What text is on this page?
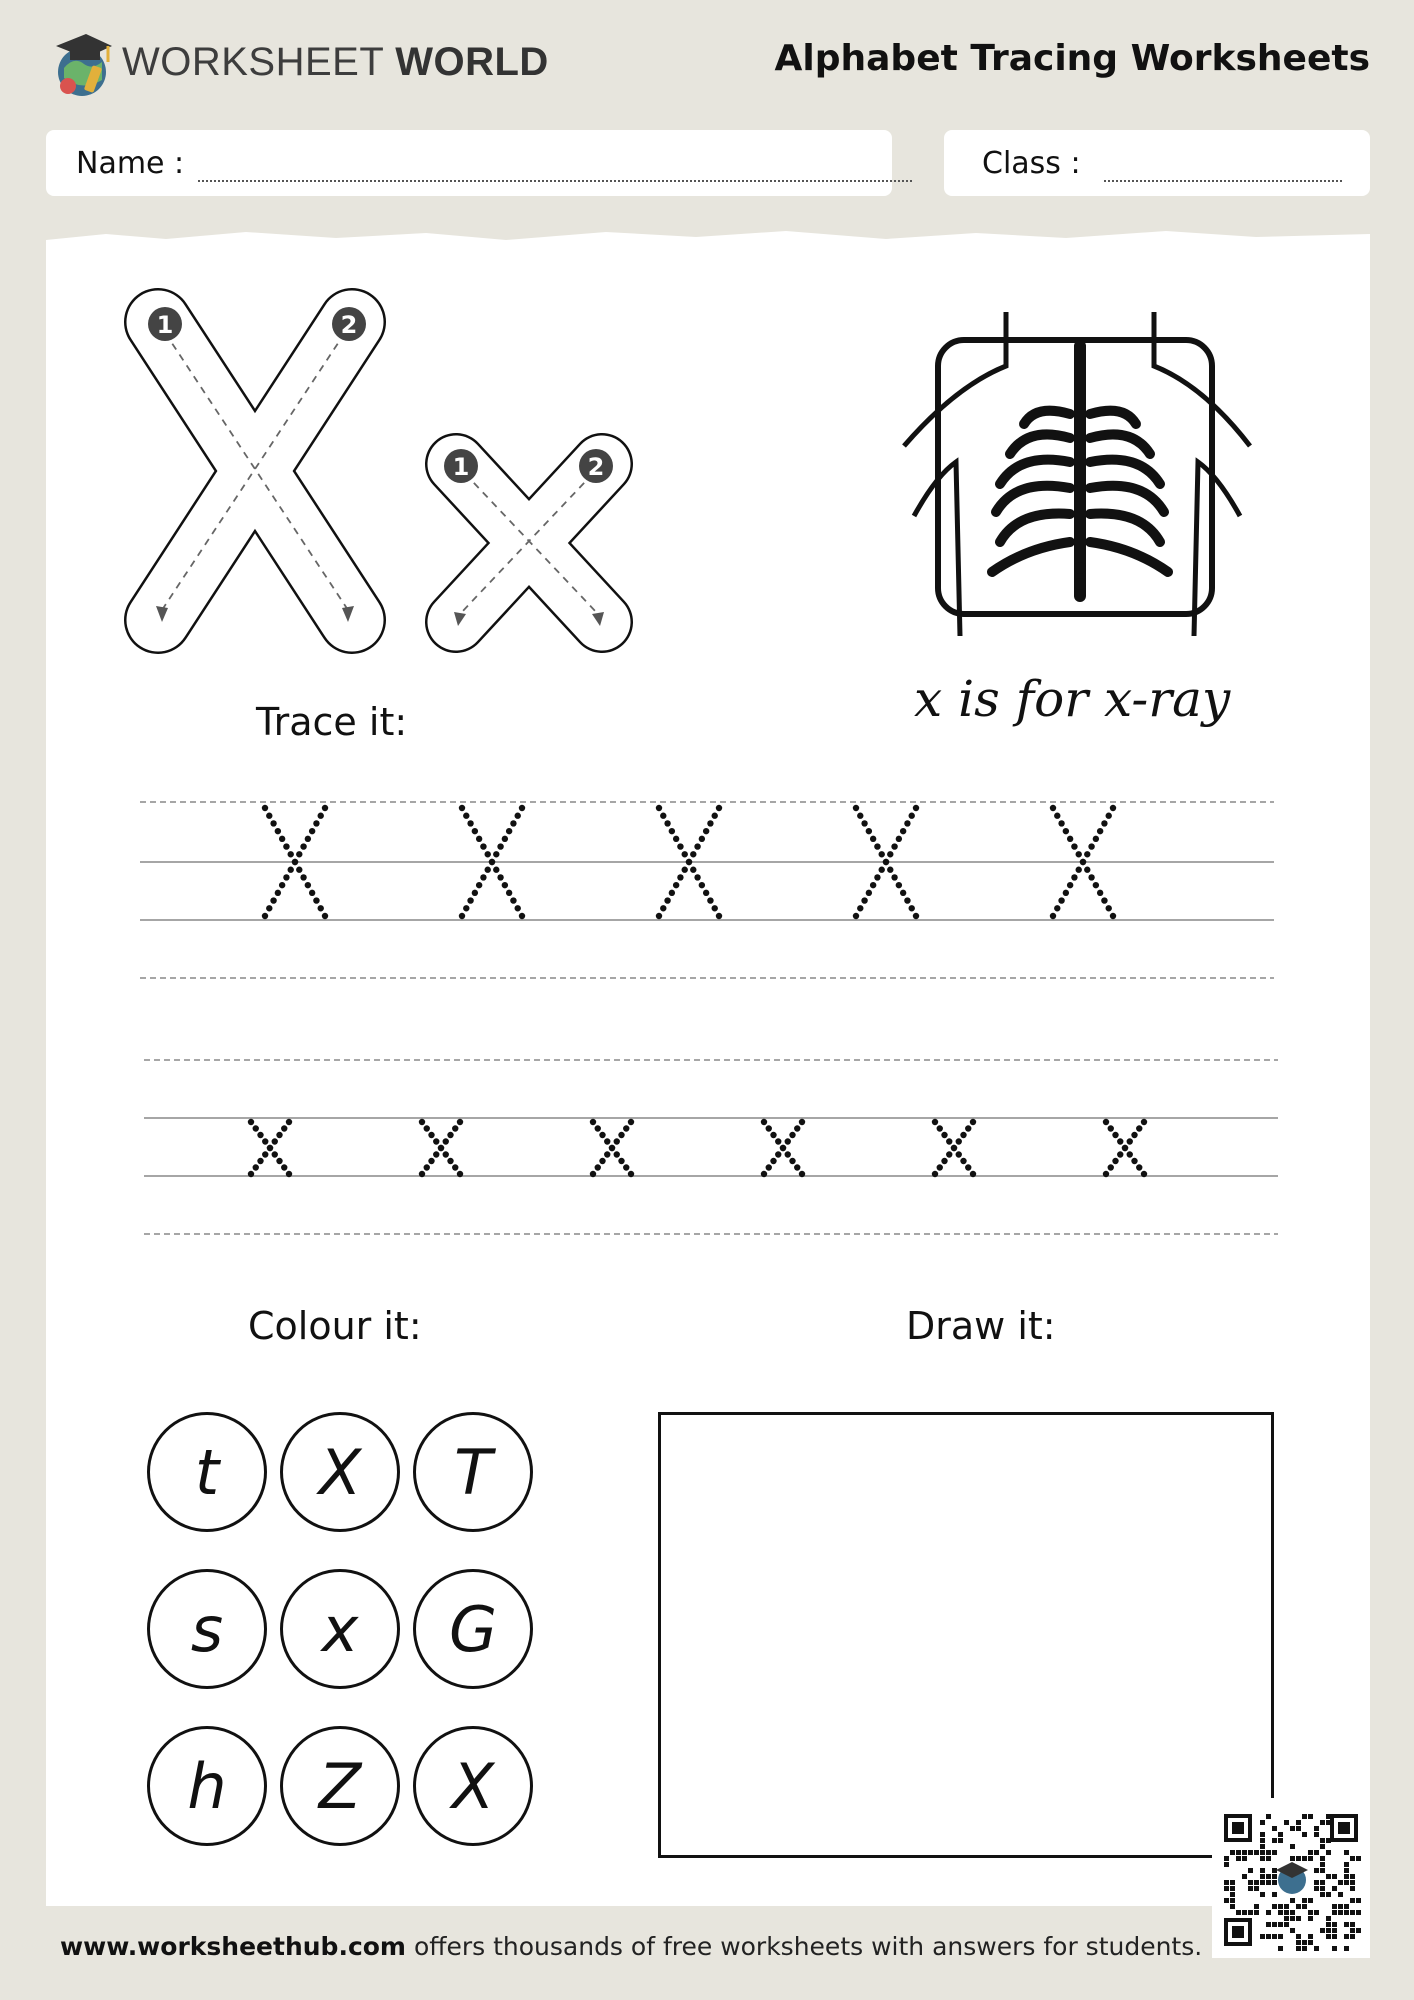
WORKSHEET WORLD	Alphabet Tracing Worksheets
Name :	Class :
1	2
1	2
x is for x-ray
Trace it:
Colour it:
t X T
s x G
h Z X
Draw it:
www.worksheethub.com offers thousands of free worksheets with answers for students.
